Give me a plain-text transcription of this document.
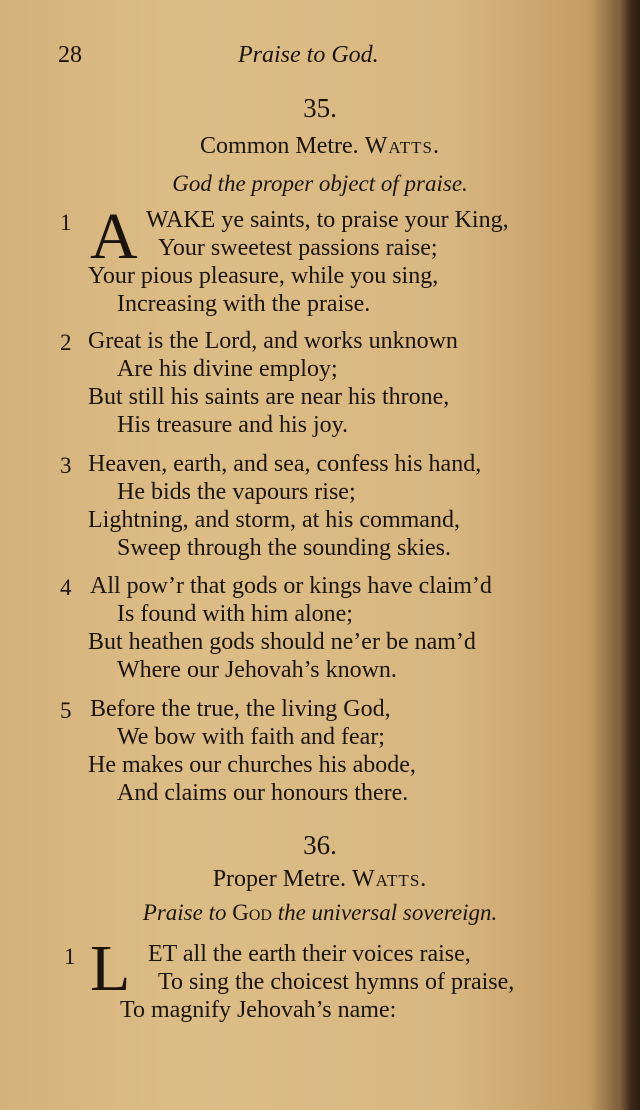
28	Praise to God.
35.
Common Metre. Watts.
God the proper object of praise.
1 A WAKE ye saints, to praise your King,
Your sweetest passions raise;
Your pious pleasure, while you sing,
Increasing with the praise.
2 Great is the Lord, and works unknown
Are his divine employ;
But still his saints are near his throne,
His treasure and his joy.
3 Heaven, earth, and sea, confess his hand,
He bids the vapours rise;
Lightning, and storm, at his command,
Sweep through the sounding skies.
4 All pow’r that gods or kings have claim’d
Is found with him alone;
But heathen gods should ne’er be nam’d
Where our Jehovah’s known.
5 Before the true, the living God,
We bow with faith and fear;
He makes our churches his abode,
And claims our honours there.
36.
Proper Metre. Watts.
Praise to God the universal sovereign.
1 L ET all the earth their voices raise,
To sing the choicest hymns of praise,
To magnify Jehovah’s name:
